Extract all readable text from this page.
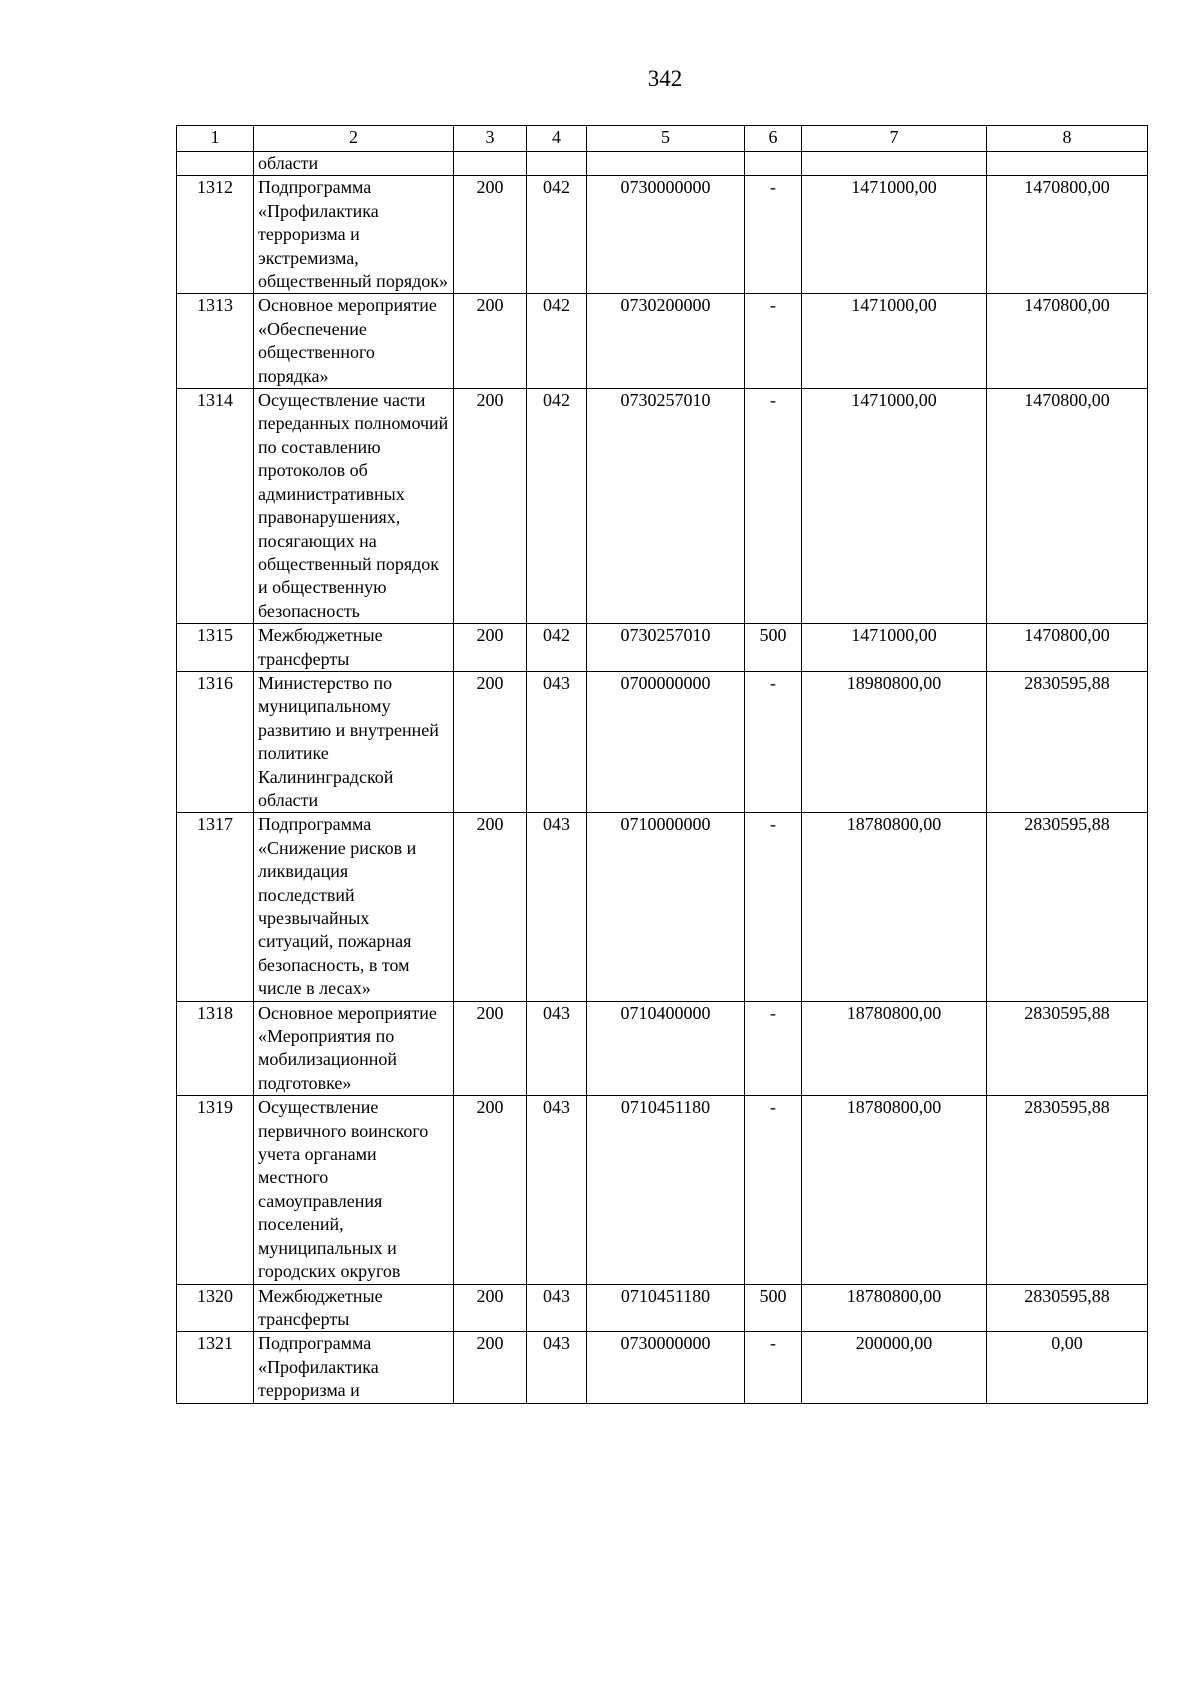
342
1	2	3	4	5	6	7	8
	области						
1312	Подпрограмма «Профилактика терроризма и экстремизма, общественный порядок»	200	042	0730000000	-	1471000,00	1470800,00
1313	Основное мероприятие «Обеспечение общественного порядка»	200	042	0730200000	-	1471000,00	1470800,00
1314	Осуществление части переданных полномочий по составлению протоколов об административных правонарушениях, посягающих на общественный порядок и общественную безопасность	200	042	0730257010	-	1471000,00	1470800,00
1315	Межбюджетные трансферты	200	042	0730257010	500	1471000,00	1470800,00
1316	Министерство по муниципальному развитию и внутренней политике Калининградской области	200	043	0700000000	-	18980800,00	2830595,88
1317	Подпрограмма «Снижение рисков и ликвидация последствий чрезвычайных ситуаций, пожарная безопасность, в том числе в лесах»	200	043	0710000000	-	18780800,00	2830595,88
1318	Основное мероприятие «Мероприятия по мобилизационной подготовке»	200	043	0710400000	-	18780800,00	2830595,88
1319	Осуществление первичного воинского учета органами местного самоуправления поселений, муниципальных и городских округов	200	043	0710451180	-	18780800,00	2830595,88
1320	Межбюджетные трансферты	200	043	0710451180	500	18780800,00	2830595,88
1321	Подпрограмма «Профилактика терроризма и	200	043	0730000000	-	200000,00	0,00
